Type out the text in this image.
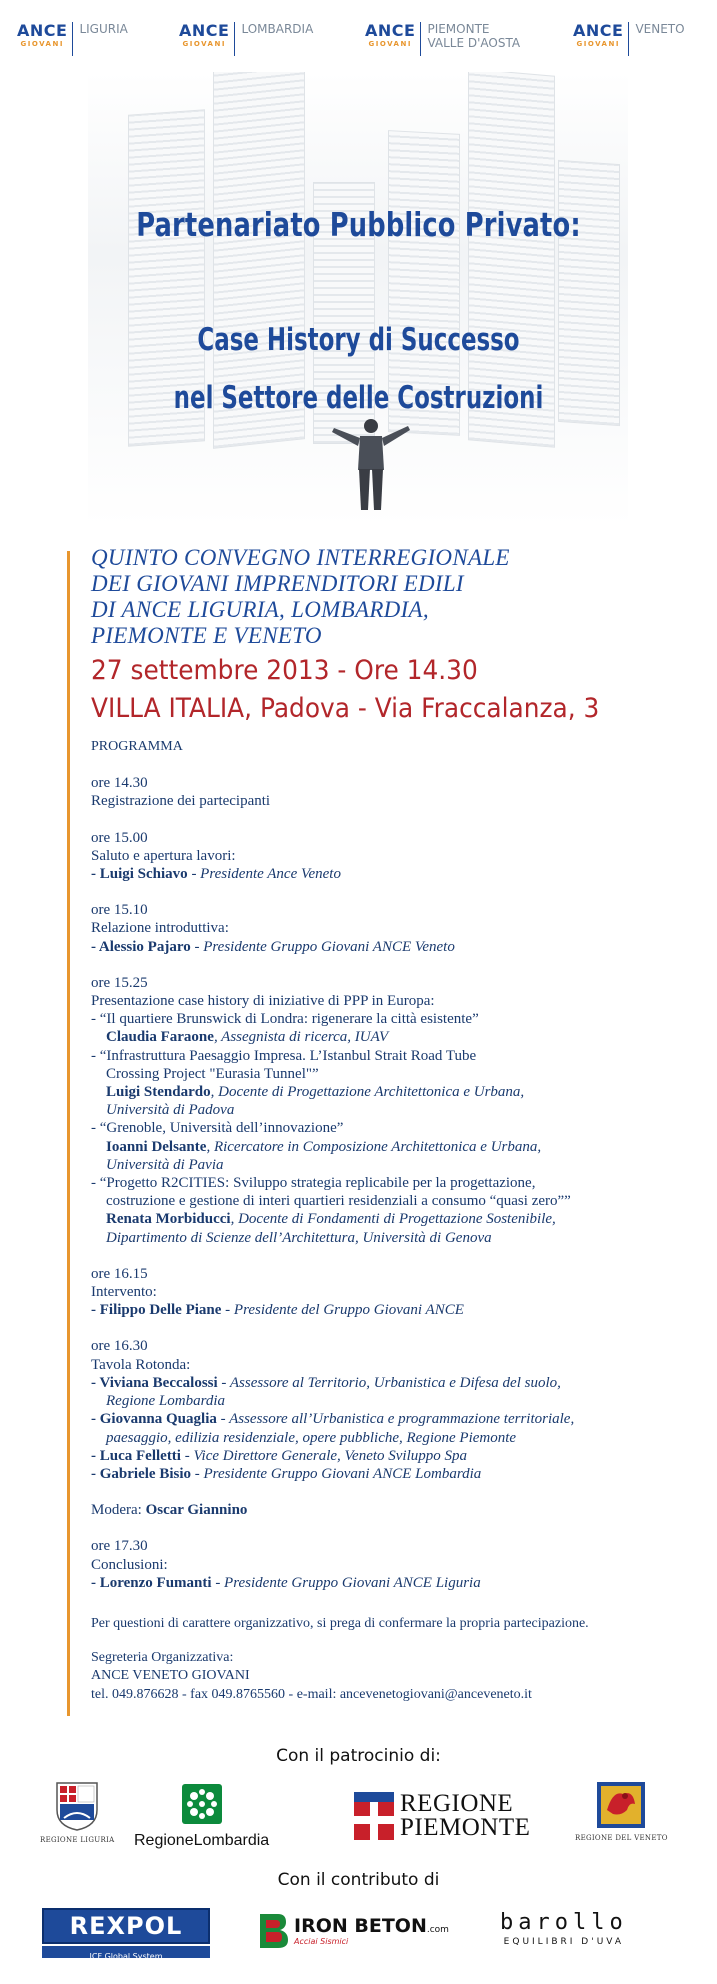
ANCE
GIOVANI
LIGURIA	ANCE
GIOVANI
LOMBARDIA	ANCE
GIOVANI
PIEMONTE
VALLE D'AOSTA
ANCE
GIOVANI
VENETO
Partenariato Pubblico Privato:
Case History di Successo
nel Settore delle Costruzioni
QUINTO CONVEGNO INTERREGIONALE
DEI GIOVANI IMPRENDITORI EDILI
DI ANCE LIGURIA, LOMBARDIA,
PIEMONTE E VENETO
27 settembre 2013 - Ore 14.30
VILLA ITALIA, Padova - Via Fraccalanza, 3

PROGRAMMA

ore 14.30

Registrazione dei partecipanti

ore 15.00

Saluto e apertura lavori:

- Luigi Schiavo - Presidente Ance Veneto

ore 15.10

Relazione introduttiva:

- Alessio Pajaro - Presidente Gruppo Giovani ANCE Veneto

ore 15.25

Presentazione case history di iniziative di PPP in Europa:

- “Il quartiere Brunswick di Londra: rigenerare la città esistente”

Claudia Faraone, Assegnista di ricerca, IUAV

- “Infrastruttura Paesaggio Impresa. L’Istanbul Strait Road Tube

Crossing Project "Eurasia Tunnel"”

Luigi Stendardo, Docente di Progettazione Architettonica e Urbana,

Università di Padova

- “Grenoble, Università dell’innovazione”

Ioanni Delsante, Ricercatore in Composizione Architettonica e Urbana,

Università di Pavia

- “Progetto R2CITIES: Sviluppo strategia replicabile per la progettazione,

costruzione e gestione di interi quartieri residenziali a consumo “quasi zero””

Renata Morbiducci, Docente di Fondamenti di Progettazione Sostenibile,

Dipartimento di Scienze dell’Architettura, Università di Genova

ore 16.15

Intervento:

- Filippo Delle Piane - Presidente del Gruppo Giovani ANCE

ore 16.30

Tavola Rotonda:

- Viviana Beccalossi - Assessore al Territorio, Urbanistica e Difesa del suolo,

Regione Lombardia

- Giovanna Quaglia - Assessore all’Urbanistica e programmazione territoriale,

paesaggio, edilizia residenziale, opere pubbliche, Regione Piemonte

- Luca Felletti - Vice Direttore Generale, Veneto Sviluppo Spa

- Gabriele Bisio - Presidente Gruppo Giovani ANCE Lombardia

Modera: Oscar Giannino

ore 17.30

Conclusioni:

- Lorenzo Fumanti - Presidente Gruppo Giovani ANCE Liguria

Per questioni di carattere organizzativo, si prega di confermare la propria partecipazione.

Segreteria Organizzativa:

ANCE VENETO GIOVANI

tel. 049.876628 - fax 049.8765560 - e-mail: ancevenetogiovani@anceveneto.it

Con il patrocinio di:
REGIONE LIGURIA RegioneLombardia
REGIONE
PIEMONTE	REGIONE DEL VENETO
Con il contributo di
REXPOL
ICF Global System
IRON BETON.com
Acciai Sismici
barollo
EQUILIBRI D'UVA
